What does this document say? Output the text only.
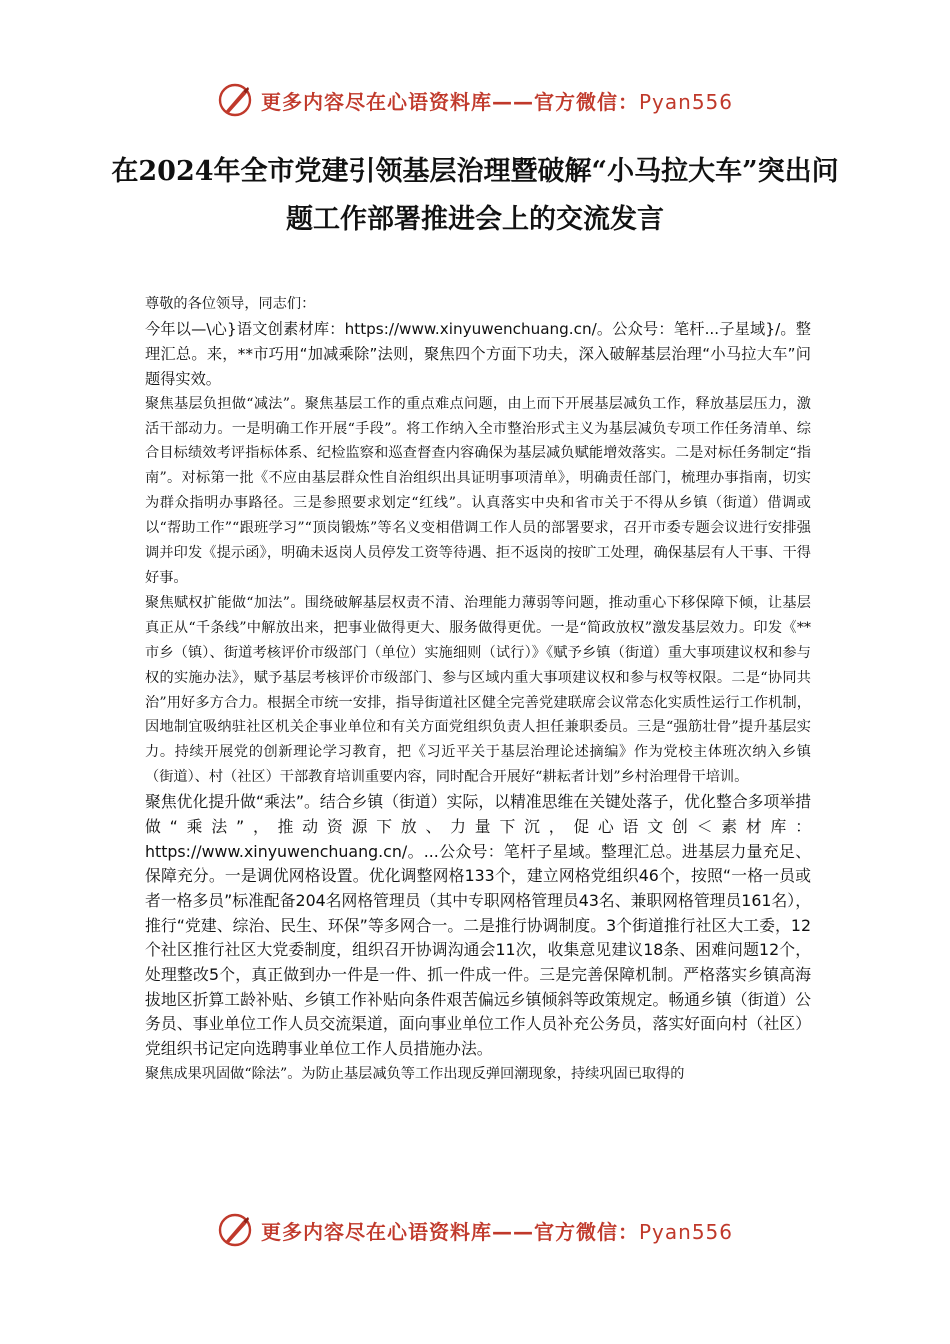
更多内容尽在心语资料库——官方微信：Pyan556
在2024年全市党建引领基层治理暨破解“小马拉大车”突出问题工作部署推进会上的交流发言

尊敬的各位领导，同志们：

今年以—\心}语文创素材库：https://www.xinyuwenchuang.cn/。公众号：笔杆...子星域}/。整理汇总。来，**市巧用“加减乘除”法则，聚焦四个方面下功夫，深入破解基层治理“小马拉大车”问题得实效。

聚焦基层负担做“减法”。聚焦基层工作的重点难点问题，由上而下开展基层减负工作，释放基层压力，激活干部动力。一是明确工作开展“手段”。将工作纳入全市整治形式主义为基层减负专项工作任务清单、综合目标绩效考评指标体系、纪检监察和巡查督查内容确保为基层减负赋能增效落实。二是对标任务制定“指南”。对标第一批《不应由基层群众性自治组织出具证明事项清单》，明确责任部门，梳理办事指南，切实为群众指明办事路径。三是参照要求划定“红线”。认真落实中央和省市关于不得从乡镇（街道）借调或以“帮助工作”“跟班学习”“顶岗锻炼”等名义变相借调工作人员的部署要求，召开市委专题会议进行安排强调并印发《提示函》，明确未返岗人员停发工资等待遇、拒不返岗的按旷工处理，确保基层有人干事、干得好事。

聚焦赋权扩能做“加法”。围绕破解基层权责不清、治理能力薄弱等问题，推动重心下移保障下倾，让基层真正从“千条线”中解放出来，把事业做得更大、服务做得更优。一是“简政放权”激发基层效力。印发《**市乡（镇）、街道考核评价市级部门（单位）实施细则（试行）》《赋予乡镇（街道）重大事项建议权和参与权的实施办法》，赋予基层考核评价市级部门、参与区域内重大事项建议权和参与权等权限。二是“协同共治”用好多方合力。根据全市统一安排，指导街道社区健全完善党建联席会议常态化实质性运行工作机制，因地制宜吸纳驻社区机关企事业单位和有关方面党组织负责人担任兼职委员。三是“强筋壮骨”提升基层实力。持续开展党的创新理论学习教育，把《习近平关于基层治理论述摘编》作为党校主体班次纳入乡镇（街道）、村（社区）干部教育培训重要内容，同时配合开展好“耕耘者计划”乡村治理骨干培训。

聚焦优化提升做“乘法”。结合乡镇（街道）实际，以精准思维在关键处落子，优化整合多项举措做“乘法”，推动资源下放、力量下沉，促心语文创＜素材库：https://www.xinyuwenchuang.cn/。...公众号：笔杆子星域。整理汇总。进基层力量充足、保障充分。一是调优网格设置。优化调整网格133个，建立网格党组织46个，按照“一格一员或者一格多员”标准配备204名网格管理员（其中专职网格管理员43名、兼职网格管理员161名），推行“党建、综治、民生、环保”等多网合一。二是推行协调制度。3个街道推行社区大工委，12个社区推行社区大党委制度，组织召开协调沟通会11次，收集意见建议18条、困难问题12个，处理整改5个，真正做到办一件是一件、抓一件成一件。三是完善保障机制。严格落实乡镇高海拔地区折算工龄补贴、乡镇工作补贴向条件艰苦偏远乡镇倾斜等政策规定。畅通乡镇（街道）公务员、事业单位工作人员交流渠道，面向事业单位工作人员补充公务员，落实好面向村（社区）党组织书记定向选聘事业单位工作人员措施办法。

聚焦成果巩固做“除法”。为防止基层减负等工作出现反弹回潮现象，持续巩固已取得的

更多内容尽在心语资料库——官方微信：Pyan556
